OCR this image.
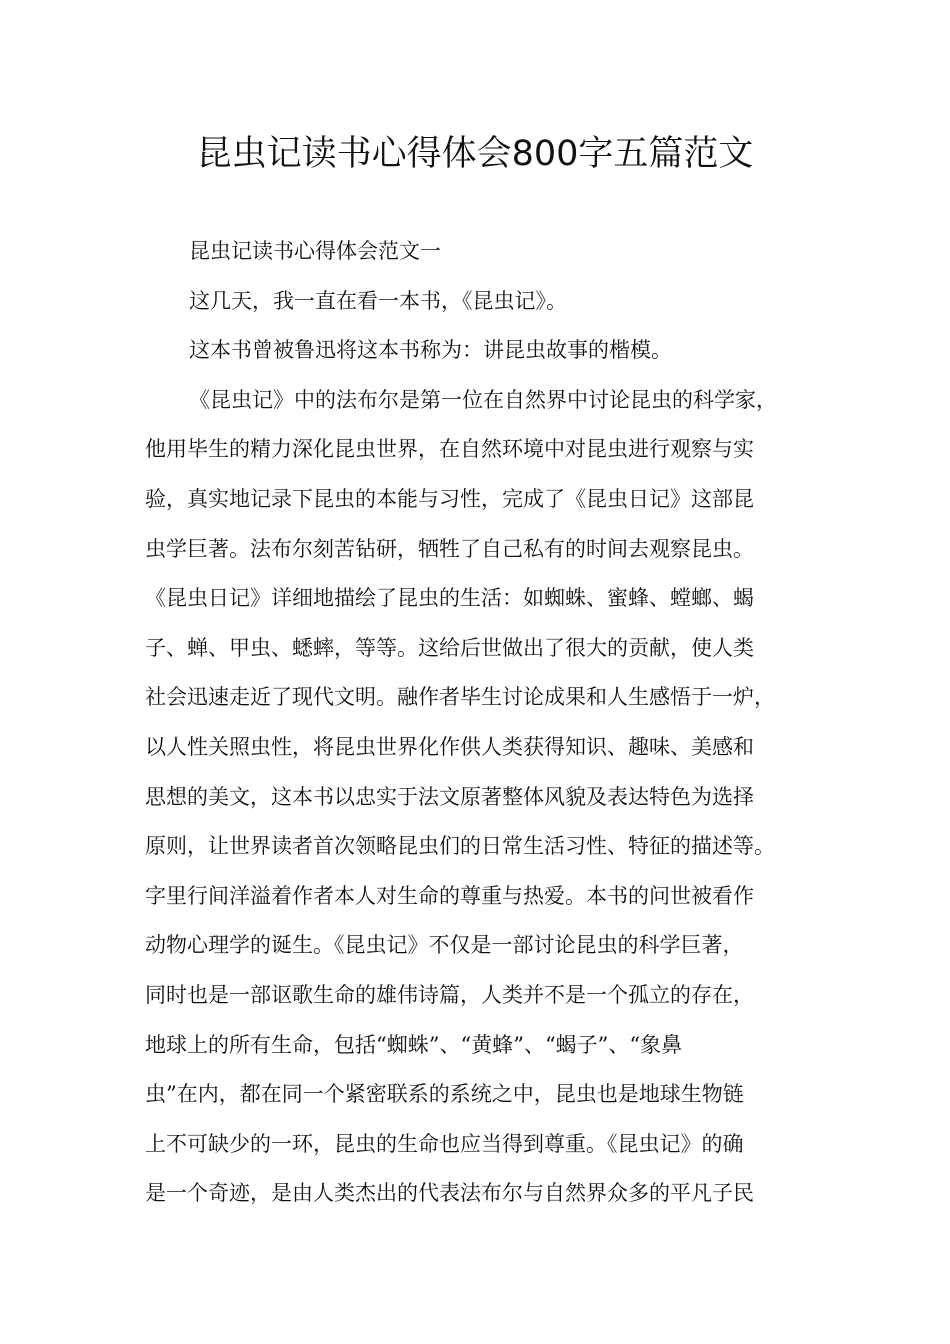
昆虫记读书心得体会800字五篇范文

昆虫记读书心得体会范文一

这几天，我一直在看一本书，《昆虫记》。

这本书曾被鲁迅将这本书称为：讲昆虫故事的楷模。

《昆虫记》中的法布尔是第一位在自然界中讨论昆虫的科学家，
他用毕生的精力深化昆虫世界，在自然环境中对昆虫进行观察与实
验，真实地记录下昆虫的本能与习性，完成了《昆虫日记》这部昆
虫学巨著。法布尔刻苦钻研，牺牲了自己私有的时间去观察昆虫。
《昆虫日记》详细地描绘了昆虫的生活：如蜘蛛、蜜蜂、螳螂、蝎
子、蝉、甲虫、蟋蟀，等等。这给后世做出了很大的贡献，使人类
社会迅速走近了现代文明。融作者毕生讨论成果和人生感悟于一炉，
以人性关照虫性，将昆虫世界化作供人类获得知识、趣味、美感和
思想的美文，这本书以忠实于法文原著整体风貌及表达特色为选择
原则，让世界读者首次领略昆虫们的日常生活习性、特征的描述等。
字里行间洋溢着作者本人对生命的尊重与热爱。本书的问世被看作
动物心理学的诞生。《昆虫记》不仅是一部讨论昆虫的科学巨著，
同时也是一部讴歌生命的雄伟诗篇，人类并不是一个孤立的存在，
地球上的所有生命，包括“蜘蛛”、“黄蜂”、“蝎子”、“象鼻
虫”在内，都在同一个紧密联系的系统之中，昆虫也是地球生物链
上不可缺少的一环，昆虫的生命也应当得到尊重。《昆虫记》的确
是一个奇迹，是由人类杰出的代表法布尔与自然界众多的平凡子民
